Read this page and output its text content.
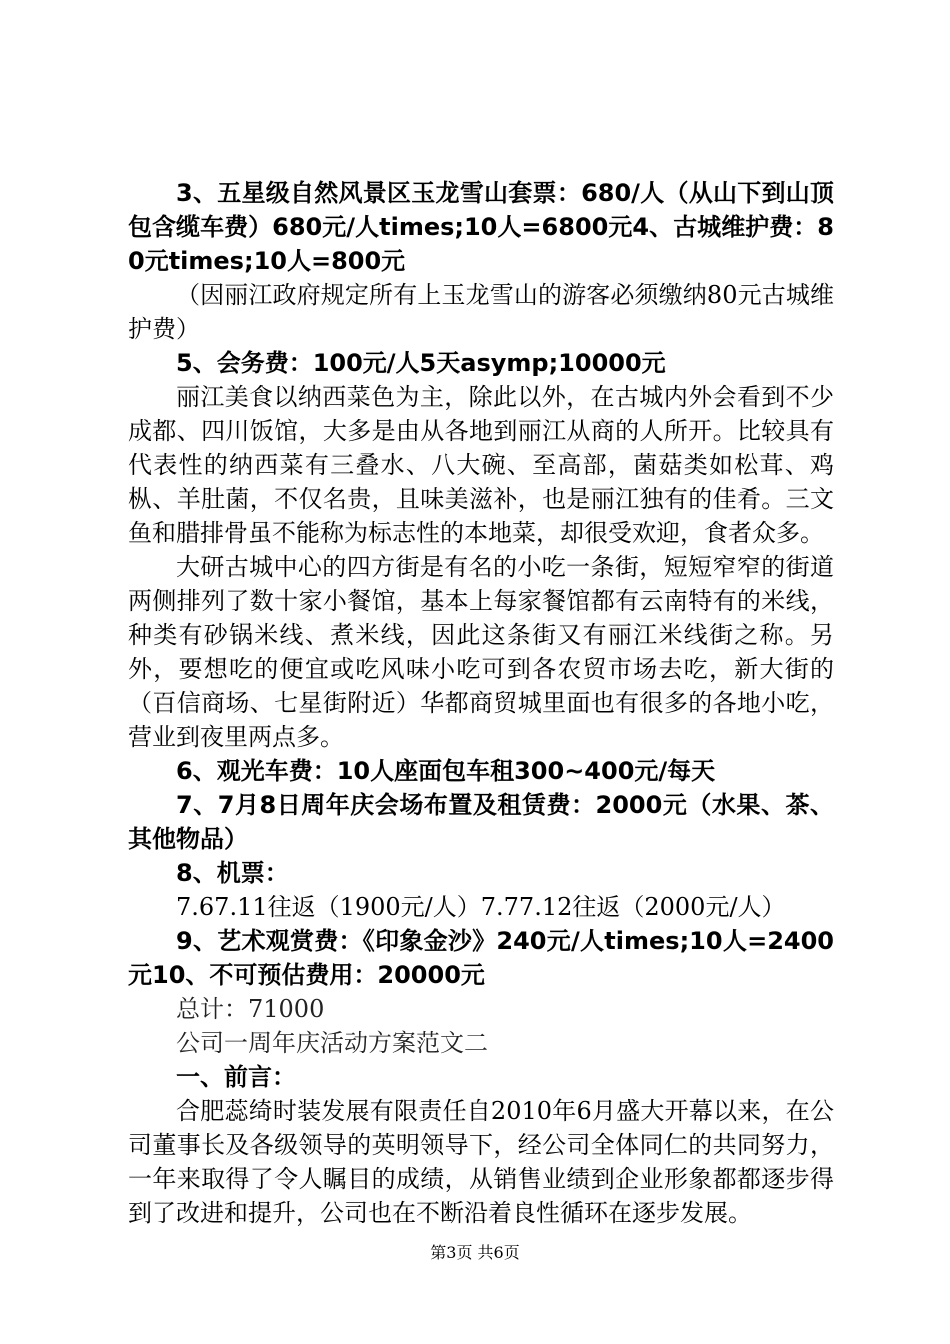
3、五星级自然风景区玉龙雪山套票：680/人（从山下到山顶包含缆车费）680元/人times;10人=6800元4、古城维护费：80元times;10人=800元

（因丽江政府规定所有上玉龙雪山的游客必须缴纳80元古城维护费）

5、会务费：100元/人5天asymp;10000元

丽江美食以纳西菜色为主，除此以外，在古城内外会看到不少成都、四川饭馆，大多是由从各地到丽江从商的人所开。比较具有代表性的纳西菜有三叠水、八大碗、至高部，菌菇类如松茸、鸡枞、羊肚菌，不仅名贵，且味美滋补，也是丽江独有的佳肴。三文鱼和腊排骨虽不能称为标志性的本地菜，却很受欢迎，食者众多。

大研古城中心的四方街是有名的小吃一条街，短短窄窄的街道两侧排列了数十家小餐馆，基本上每家餐馆都有云南特有的米线，种类有砂锅米线、煮米线，因此这条街又有丽江米线街之称。另外，要想吃的便宜或吃风味小吃可到各农贸市场去吃，新大街的（百信商场、七星街附近）华都商贸城里面也有很多的各地小吃，营业到夜里两点多。

6、观光车费：10人座面包车租300~400元/每天

7、7月8日周年庆会场布置及租赁费：2000元（水果、茶、其他物品）

8、机票：

7.67.11往返（1900元/人）7.77.12往返（2000元/人）

9、艺术观赏费：《印象金沙》240元/人times;10人=2400元10、不可预估费用：20000元

总计：71000

公司一周年庆活动方案范文二

一、前言：

合肥蕊绮时装发展有限责任自2010年6月盛大开幕以来，在公司董事长及各级领导的英明领导下，经公司全体同仁的共同努力，一年来取得了令人瞩目的成绩，从销售业绩到企业形象都都逐步得到了改进和提升，公司也在不断沿着良性循环在逐步发展。

第3页 共6页
